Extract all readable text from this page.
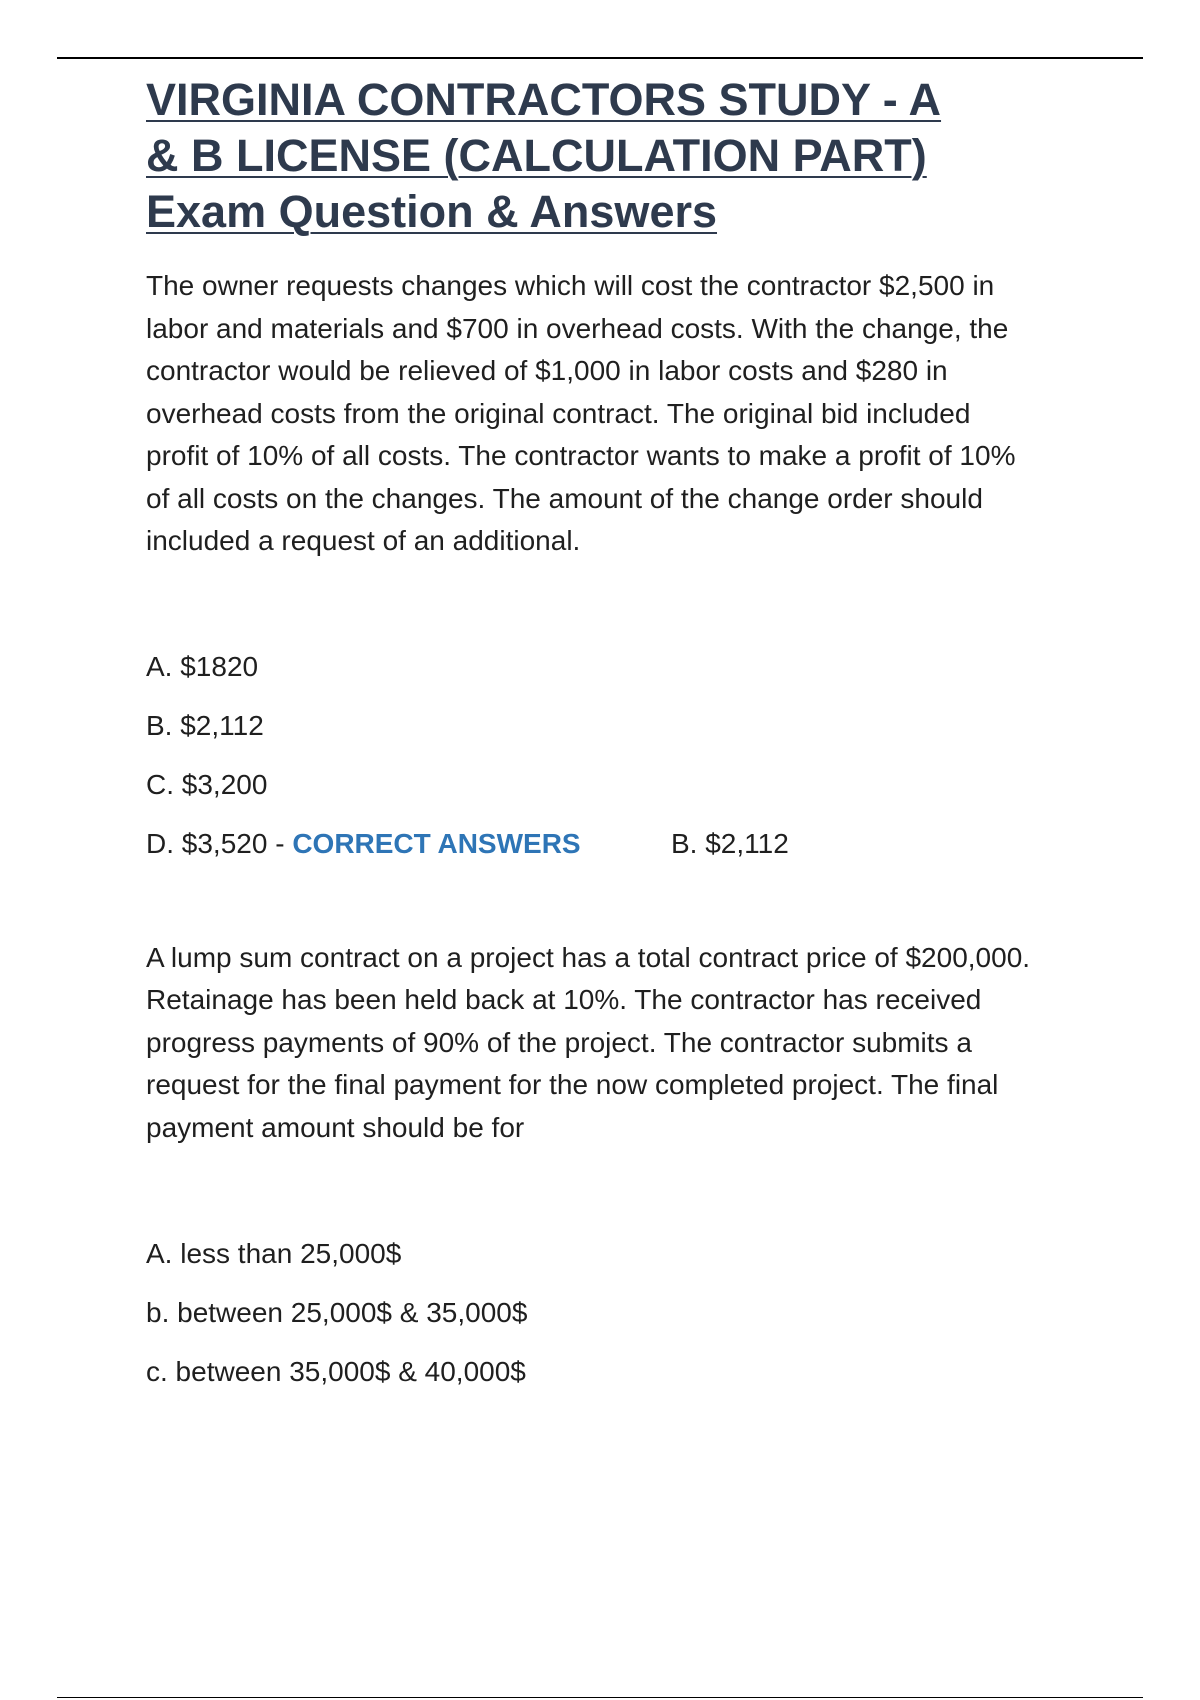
VIRGINIA CONTRACTORS STUDY - A
& B LICENSE (CALCULATION PART)
Exam Question & Answers
The owner requests changes which will cost the contractor $2,500 in
labor and materials and $700 in overhead costs. With the change, the
contractor would be relieved of $1,000 in labor costs and $280 in
overhead costs from the original contract. The original bid included
profit of 10% of all costs. The contractor wants to make a profit of 10%
of all costs on the changes. The amount of the change order should
included a request of an additional.
A. $1820
B. $2,112
C. $3,200
D. $3,520 - CORRECT ANSWERS	B. $2,112
A lump sum contract on a project has a total contract price of $200,000.
Retainage has been held back at 10%. The contractor has received
progress payments of 90% of the project. The contractor submits a
request for the final payment for the now completed project. The final
payment amount should be for
A. less than 25,000$
b. between 25,000$ & 35,000$
c. between 35,000$ & 40,000$
